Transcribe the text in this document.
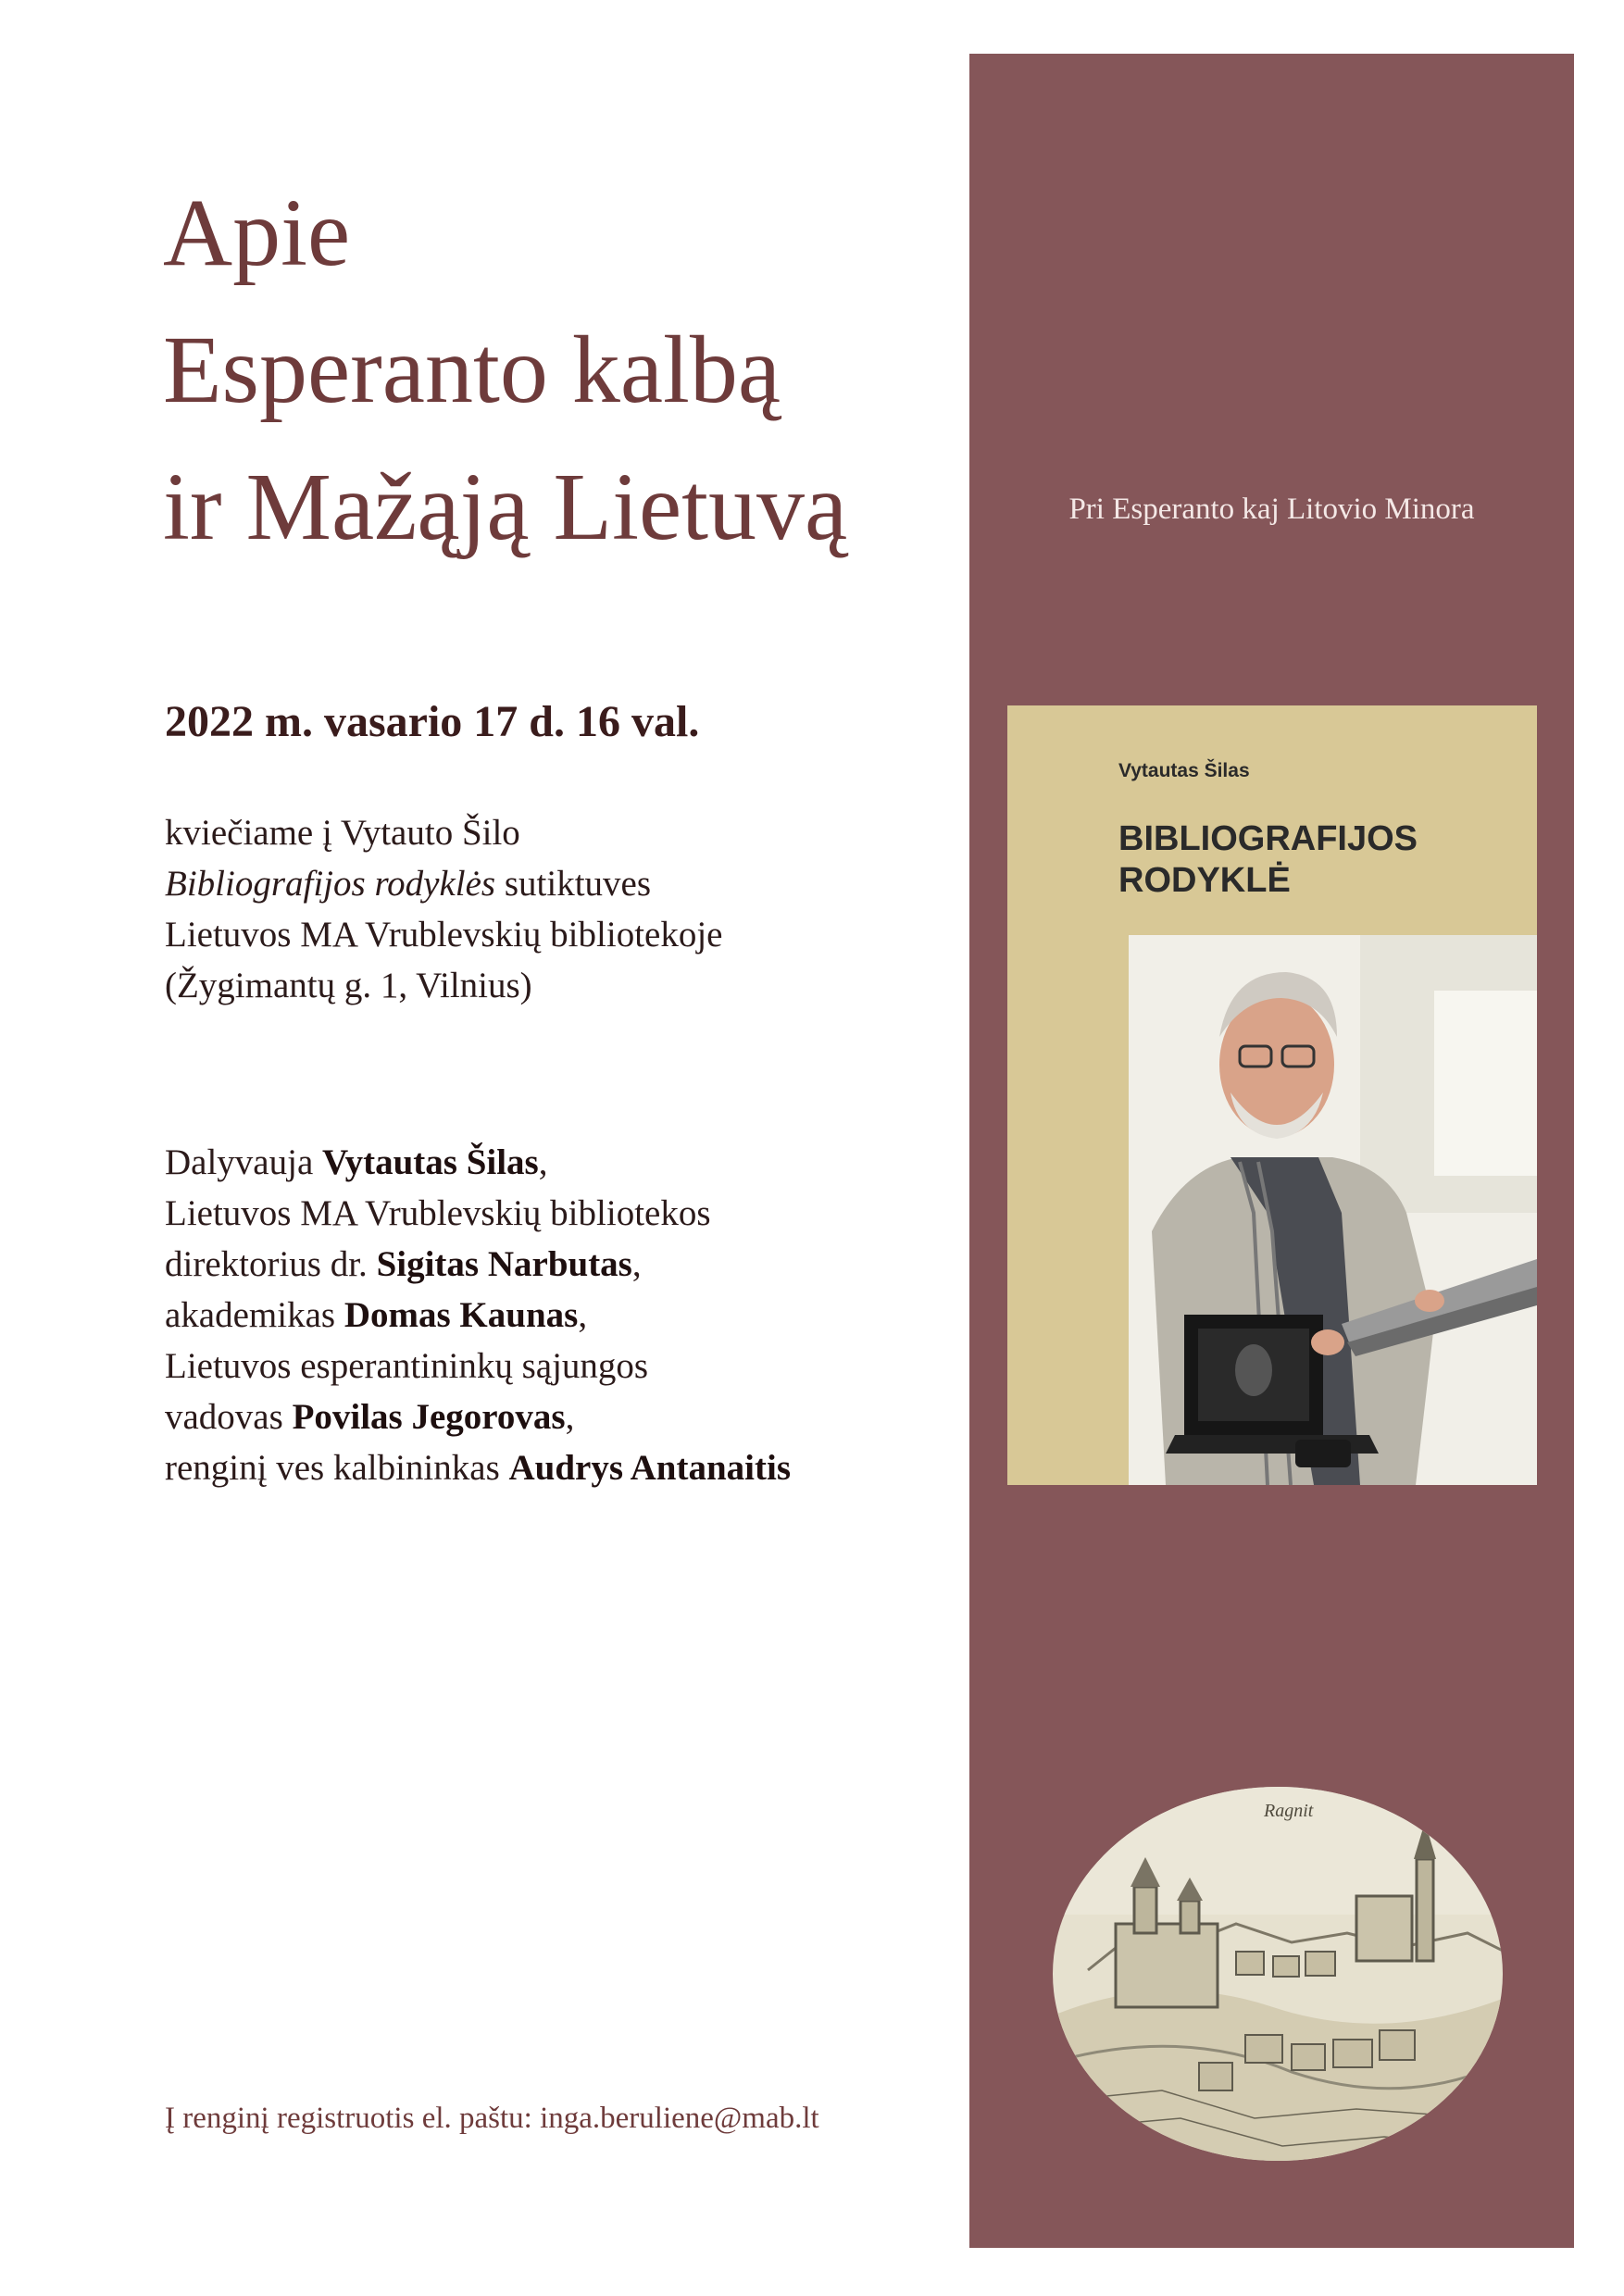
Apie
Esperanto kalbą
ir Mažąją Lietuvą

2022 m. vasario 17 d. 16 val.

kviečiame į Vytauto Šilo
Bibliografijos rodyklės sutiktuves
Lietuvos MA Vrublevskių bibliotekoje
(Žygimantų g. 1, Vilnius)
Dalyvauja Vytautas Šilas,
Lietuvos MA Vrublevskių bibliotekos
direktorius dr. Sigitas Narbutas,
akademikas Domas Kaunas,
Lietuvos esperantininkų sąjungos
vadovas Povilas Jegorovas,
renginį ves kalbininkas Audrys Antanaitis
Į renginį registruotis el. paštu: inga.beruliene@mab.lt
Pri Esperanto kaj Litovio Minora
Vytautas Šilas
BIBLIOGRAFIJOS
RODYKLĖ
Ragnit
